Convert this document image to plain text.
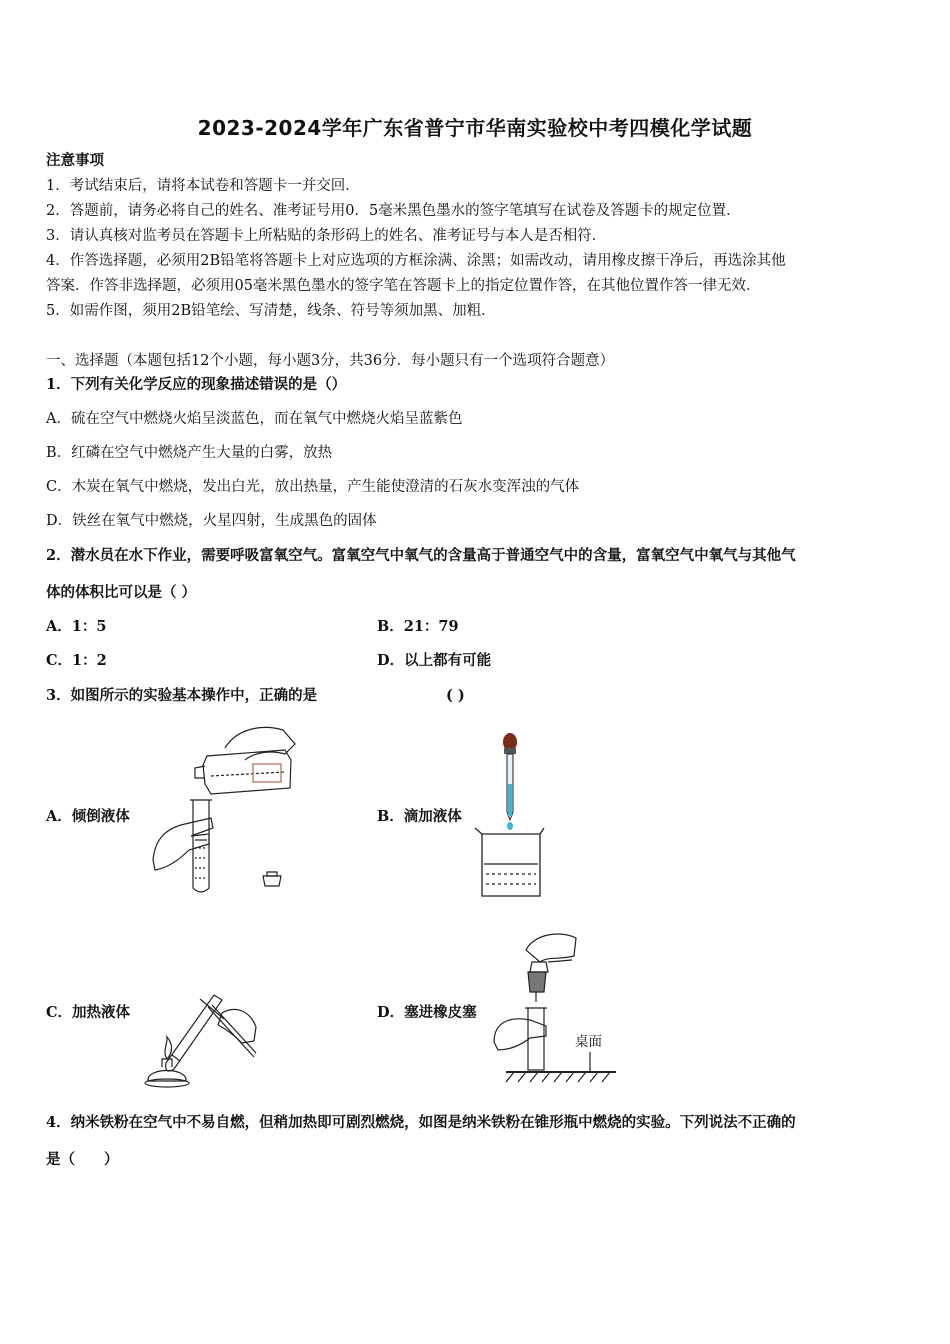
2023-2024学年广东省普宁市华南实验校中考四模化学试题
注意事项
1．考试结束后，请将本试卷和答题卡一并交回．
2．答题前，请务必将自己的姓名、准考证号用0．5毫米黑色墨水的签字笔填写在试卷及答题卡的规定位置．
3．请认真核对监考员在答题卡上所粘贴的条形码上的姓名、准考证号与本人是否相符．
4．作答选择题，必须用2B铅笔将答题卡上对应选项的方框涂满、涂黑；如需改动，请用橡皮擦干净后，再选涂其他
答案．作答非选择题，必须用05毫米黑色墨水的签字笔在答题卡上的指定位置作答，在其他位置作答一律无效．
5．如需作图，须用2B铅笔绘、写清楚，线条、符号等须加黑、加粗．
一、选择题（本题包括12个小题，每小题3分，共36分．每小题只有一个选项符合题意）
1．下列有关化学反应的现象描述错误的是（）
A．硫在空气中燃烧火焰呈淡蓝色，而在氧气中燃烧火焰呈蓝紫色
B．红磷在空气中燃烧产生大量的白雾，放热
C．木炭在氧气中燃烧，发出白光，放出热量，产生能使澄清的石灰水变浑浊的气体
D．铁丝在氧气中燃烧，火星四射，生成黑色的固体
2．潜水员在水下作业，需要呼吸富氧空气。富氧空气中氧气的含量高于普通空气中的含量，富氧空气中氧气与其他气
体的体积比可以是（ ）
A．1：5	B．21：79
C．1：2	D．以上都有可能
3．如图所示的实验基本操作中，正确的是	( )
A．倾倒液体	B．滴加液体
C．加热液体	D．塞进橡皮塞
桌面
4．纳米铁粉在空气中不易自燃，但稍加热即可剧烈燃烧，如图是纳米铁粉在锥形瓶中燃烧的实验。下列说法不正确的
是（　　）
